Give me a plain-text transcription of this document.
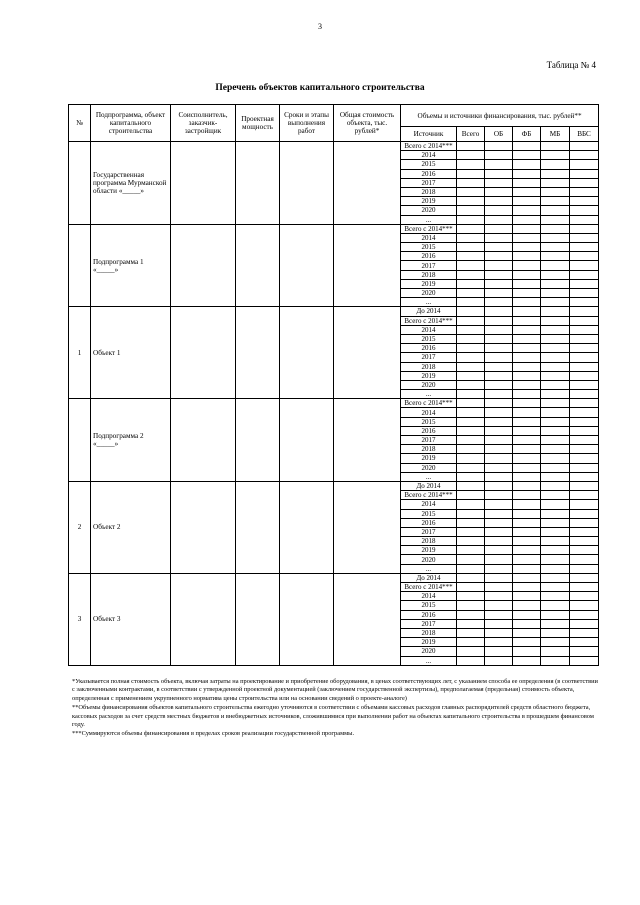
3
Таблица № 4
Перечень объектов капитального строительства
№	Подпрограмма, объект капитального строительства	Соисполнитель, заказчик-застройщик	Проектная мощность	Сроки и этапы выполнения работ	Общая стоимость объекта, тыс. рублей*	Объемы и источники финансирования, тыс. рублей**					
						Источник	Всего	ОБ	ФБ	МБ	ВБС
	Государственная программа Мурманской области «_____»					Всего с 2014***					
						2014					
						2015					
						2016					
						2017					
						2018					
						2019					
						2020					
						...					
	Подпрограмма 1 «_____»					Всего с 2014***					
						2014					
						2015					
						2016					
						2017					
						2018					
						2019					
						2020					
						...					
1	Объект 1					До 2014					
						Всего с 2014***					
						2014					
						2015					
						2016					
						2017					
						2018					
						2019					
						2020					
						...					
	Подпрограмма 2 «_____»					Всего с 2014***					
						2014					
						2015					
						2016					
						2017					
						2018					
						2019					
						2020					
						...					
2	Объект 2					До 2014					
						Всего с 2014***					
						2014					
						2015					
						2016					
						2017					
						2018					
						2019					
						2020					
						...					
3	Объект 3					До 2014					
						Всего с 2014***					
						2014					
						2015					
						2016					
						2017					
						2018					
						2019					
						2020					
						...					

*Указывается полная стоимость объекта, включая затраты на проектирование и приобретение оборудования, в ценах соответствующих лет, с указанием способа ее определения (в соответствии с заключенными контрактами, в соответствии с утвержденной проектной документацией (заключением государственной экспертизы), предполагаемая (предельная) стоимость объекта, определенная с применением укрупненного норматива цены строительства или на основании сведений о проекте-аналоге)

**Объемы финансирования объектов капитального строительства ежегодно уточняются в соответствии с объемами кассовых расходов главных распорядителей средств областного бюджета, кассовых расходов за счет средств местных бюджетов и внебюджетных источников, сложившимися при выполнении работ на объектах капитального строительства в прошедшем финансовом году.

***Суммируются объемы финансирования в пределах сроков реализации государственной программы.
